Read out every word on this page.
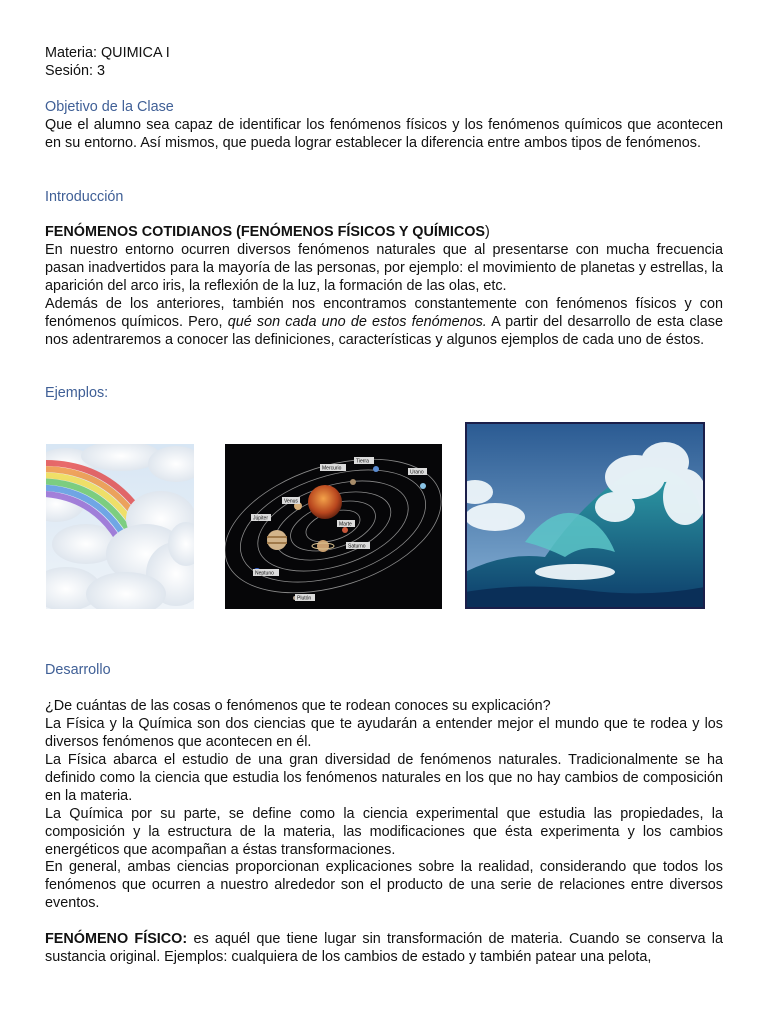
Materia: QUIMICA I
Sesión: 3
Objetivo de la Clase
Que el alumno sea capaz de identificar los fenómenos físicos y los fenómenos químicos que acontecen en su entorno. Así mismos, que pueda lograr establecer la diferencia entre ambos tipos de fenómenos.
Introducción
FENÓMENOS COTIDIANOS (FENÓMENOS FÍSICOS Y QUÍMICOS)
En nuestro entorno ocurren diversos fenómenos naturales que al presentarse con mucha frecuencia pasan inadvertidos para la mayoría de las personas, por ejemplo: el movimiento de planetas y estrellas, la aparición del arco iris, la reflexión de la luz, la formación de las olas, etc.
Además de los anteriores, también nos encontramos constantemente con fenómenos físicos y con fenómenos químicos. Pero, qué son cada uno de estos fenómenos. A partir del desarrollo de esta clase nos adentraremos a conocer las definiciones, características y algunos ejemplos de cada uno de éstos.
Ejemplos:
Mercurio
Tierra
Venus
Urano
Júpiter
Marte
Saturno
Neptuno
Plutón
Desarrollo
¿De cuántas de las cosas o fenómenos que te rodean conoces su explicación?
La Física y la Química son dos ciencias que te ayudarán a entender mejor el mundo que te rodea y los diversos fenómenos que acontecen en él.
La Física abarca el estudio de una gran diversidad de fenómenos naturales. Tradicionalmente se ha definido como la ciencia que estudia los fenómenos naturales en los que no hay cambios de composición en la materia.
La Química por su parte, se define como la ciencia experimental que estudia las propiedades, la composición y la estructura de la materia, las modificaciones que ésta experimenta y los cambios energéticos que acompañan a éstas transformaciones.
En general, ambas ciencias proporcionan explicaciones sobre la realidad, considerando que todos los fenómenos que ocurren a nuestro alrededor son el producto de una serie de relaciones entre diversos eventos.
FENÓMENO FÍSICO: es aquél que tiene lugar sin transformación de materia. Cuando se conserva la sustancia original. Ejemplos: cualquiera de los cambios de estado y también patear una pelota,
